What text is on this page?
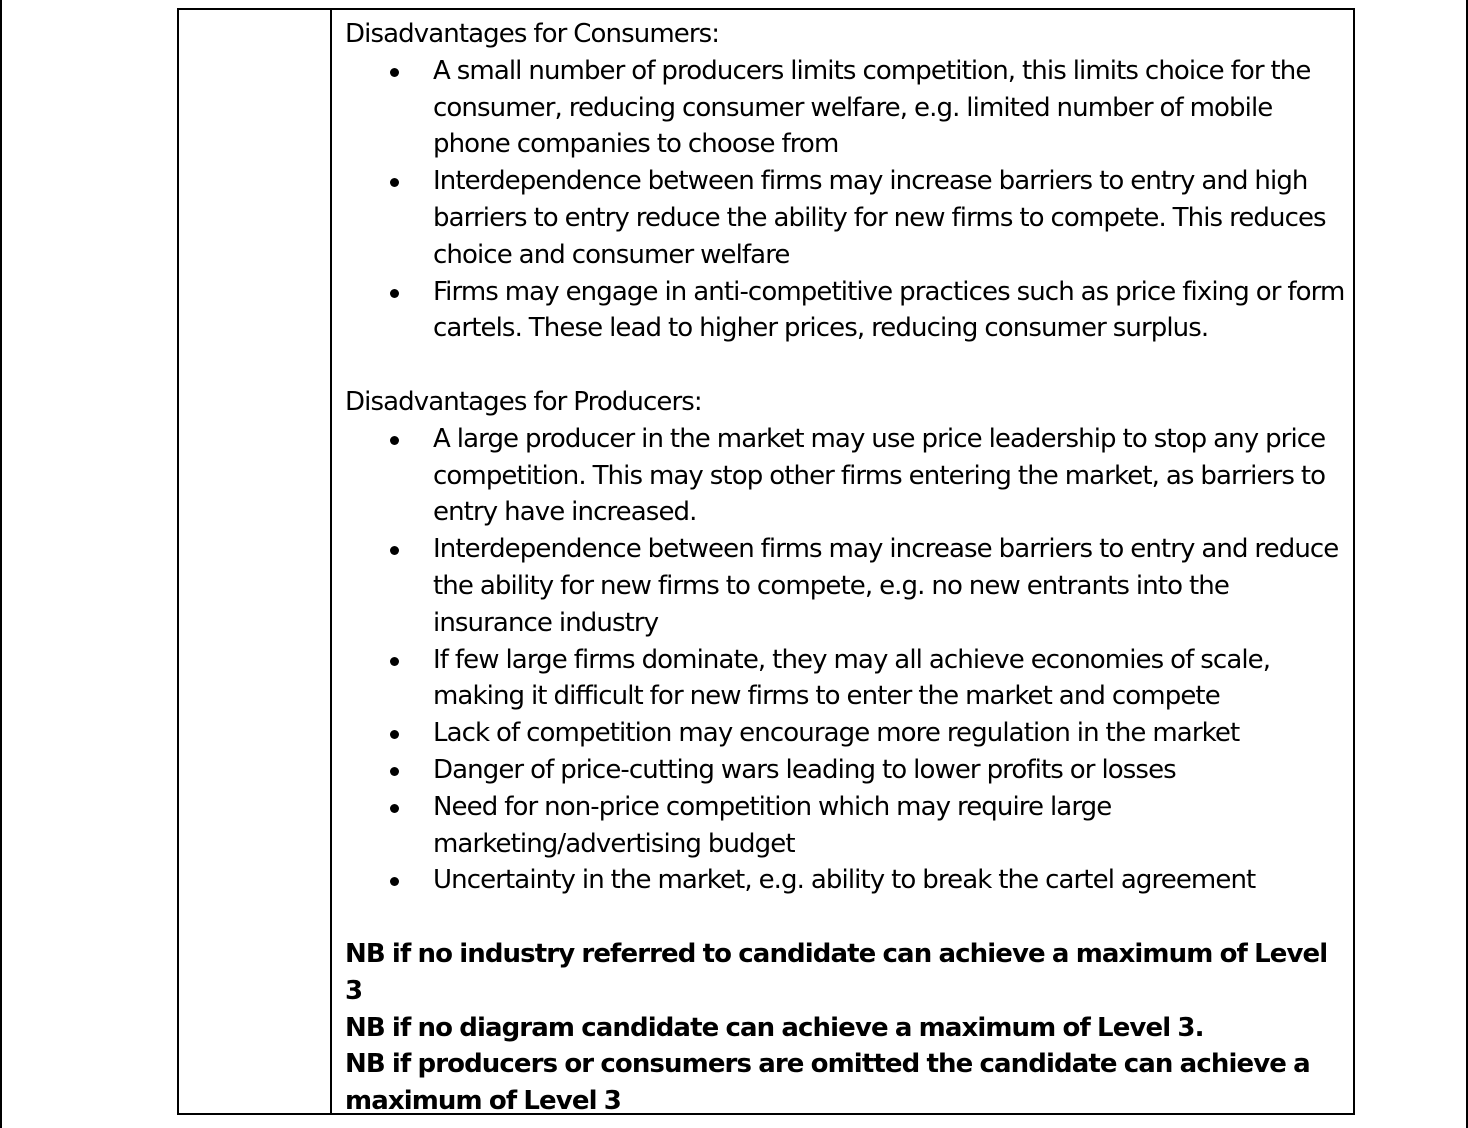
Disadvantages for Consumers:

A small number of producers limits competition, this limits choice for the consumer, reducing consumer welfare, e.g. limited number of mobile phone companies to choose from
Interdependence between firms may increase barriers to entry and high barriers to entry reduce the ability for new firms to compete. This reduces choice and consumer welfare
Firms may engage in anti-competitive practices such as price fixing or form cartels. These lead to higher prices, reducing consumer surplus.

Disadvantages for Producers:

A large producer in the market may use price leadership to stop any price competition. This may stop other firms entering the market, as barriers to entry have increased.
Interdependence between firms may increase barriers to entry and reduce the ability for new firms to compete, e.g. no new entrants into the insurance industry
If few large firms dominate, they may all achieve economies of scale, making it difficult for new firms to enter the market and compete
Lack of competition may encourage more regulation in the market
Danger of price-cutting wars leading to lower profits or losses
Need for non-price competition which may require large marketing/advertising budget
Uncertainty in the market, e.g. ability to break the cartel agreement

NB if no industry referred to candidate can achieve a maximum of Level 3

NB if no diagram candidate can achieve a maximum of Level 3.

NB if producers or consumers are omitted the candidate can achieve a maximum of Level 3
